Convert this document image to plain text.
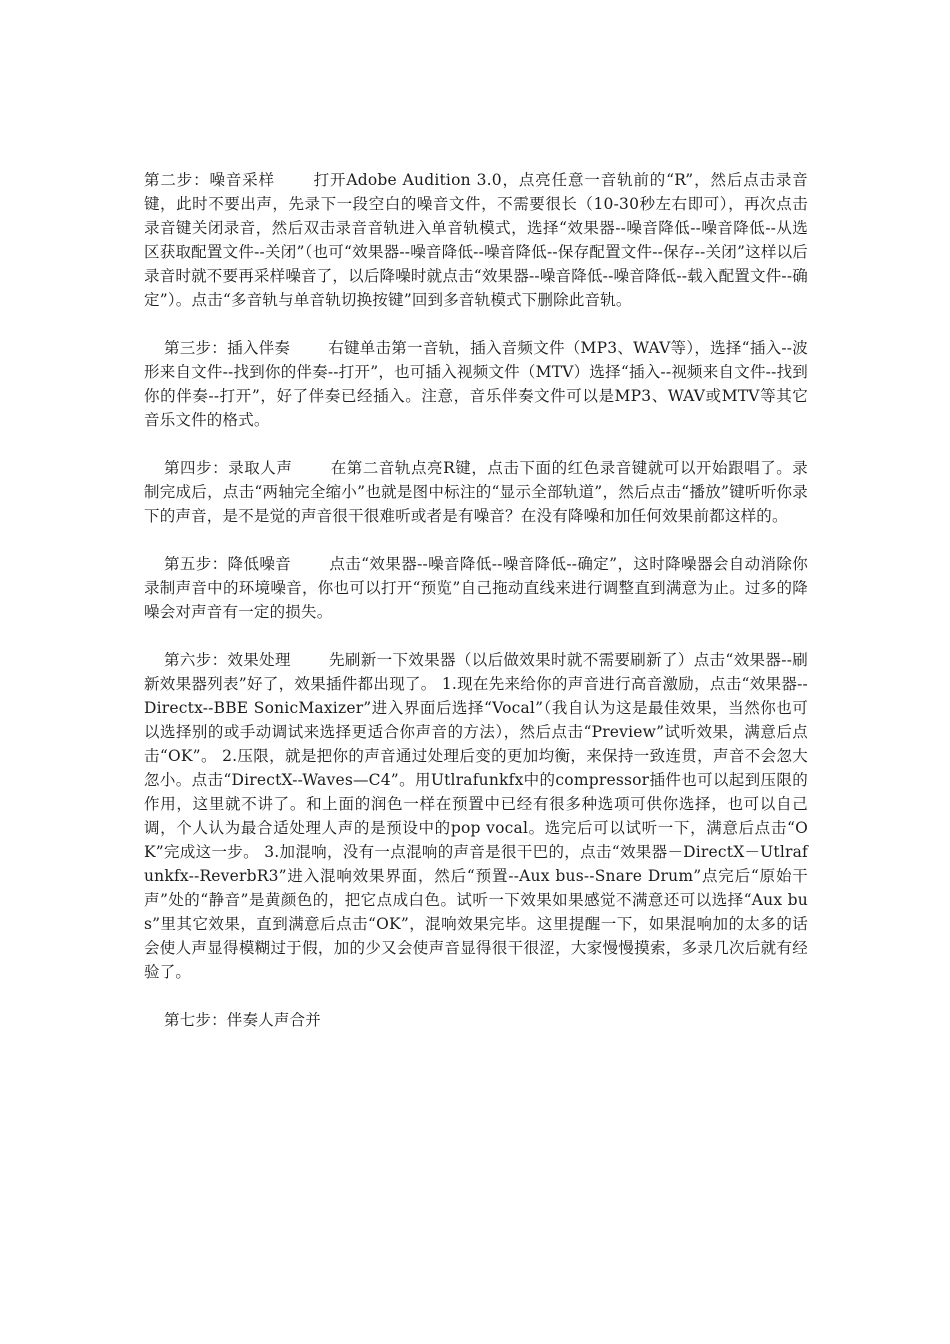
第二步：噪音采样 打开Adobe Audition 3.0，点亮任意一音轨前的“R”，然后点击录音键，此时不要出声，先录下一段空白的噪音文件，不需要很长（10-30秒左右即可），再次点击录音键关闭录音，然后双击录音音轨进入单音轨模式，选择“效果器--噪音降低--噪音降低--从选区获取配置文件--关闭”（也可“效果器--噪音降低--噪音降低--保存配置文件--保存--关闭”这样以后录音时就不要再采样噪音了，以后降噪时就点击“效果器--噪音降低--噪音降低--载入配置文件--确定”）。点击“多音轨与单音轨切换按键”回到多音轨模式下删除此音轨。

第三步：插入伴奏 右键单击第一音轨，插入音频文件（MP3、WAV等），选择“插入--波形来自文件--找到你的伴奏--打开”，也可插入视频文件（MTV）选择“插入--视频来自文件--找到你的伴奏--打开”，好了伴奏已经插入。注意，音乐伴奏文件可以是MP3、WAV或MTV等其它音乐文件的格式。

第四步：录取人声 在第二音轨点亮R键，点击下面的红色录音键就可以开始跟唱了。录制完成后，点击“两轴完全缩小”也就是图中标注的“显示全部轨道”，然后点击“播放”键听听你录下的声音，是不是觉的声音很干很难听或者是有噪音？在没有降噪和加任何效果前都这样的。

第五步：降低噪音 点击“效果器--噪音降低--噪音降低--确定”，这时降噪器会自动消除你录制声音中的环境噪音，你也可以打开“预览”自己拖动直线来进行调整直到满意为止。过多的降噪会对声音有一定的损失。

第六步：效果处理 先刷新一下效果器（以后做效果时就不需要刷新了）点击“效果器--刷新效果器列表”好了，效果插件都出现了。 1.现在先来给你的声音进行高音激励，点击“效果器--Directx--BBE SonicMaxizer”进入界面后选择“Vocal”（我自认为这是最佳效果，当然你也可以选择别的或手动调试来选择更适合你声音的方法），然后点击“Preview”试听效果，满意后点击“OK”。 2.压限，就是把你的声音通过处理后变的更加均衡，来保持一致连贯，声音不会忽大忽小。点击“DirectX--Waves—C4”。用Utlrafunkfx中的compressor插件也可以起到压限的作用，这里就不讲了。和上面的润色一样在预置中已经有很多种选项可供你选择，也可以自己调，个人认为最合适处理人声的是预设中的pop vocal。选完后可以试听一下，满意后点击“OK”完成这一步。 3.加混响，没有一点混响的声音是很干巴的，点击“效果器－DirectX－Utlrafunkfx--ReverbR3”进入混响效果界面，然后“预置--Aux bus--Snare Drum”点完后“原始干声”处的“静音”是黄颜色的，把它点成白色。试听一下效果如果感觉不满意还可以选择“Aux bus”里其它效果，直到满意后点击“OK”，混响效果完毕。这里提醒一下，如果混响加的太多的话会使人声显得模糊过于假，加的少又会使声音显得很干很涩，大家慢慢摸索，多录几次后就有经验了。

第七步：伴奏人声合并
